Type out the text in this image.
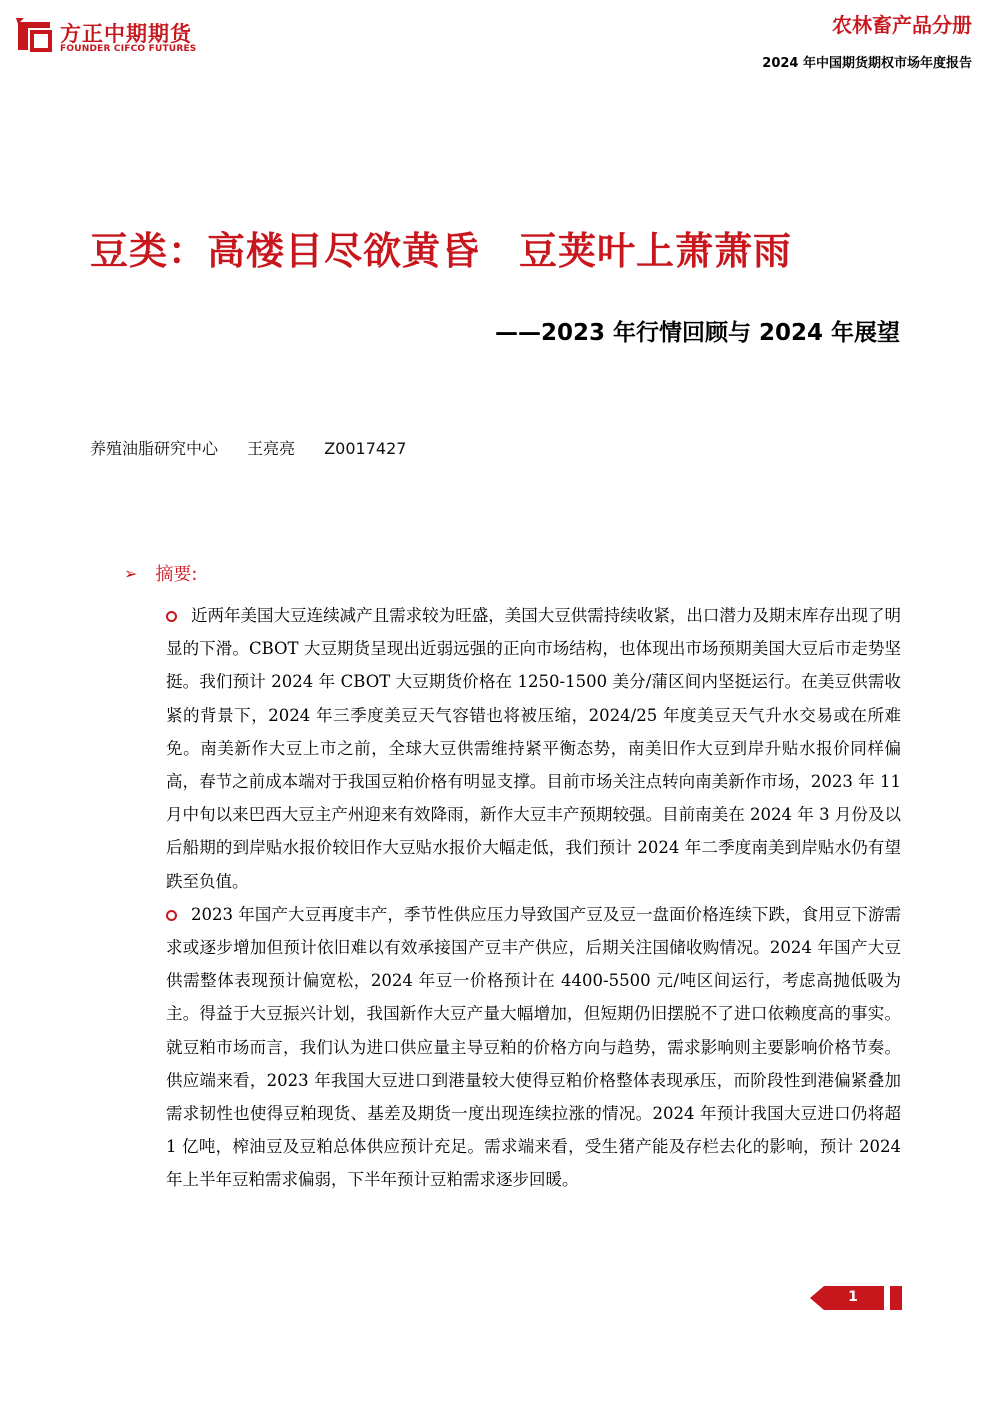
方正中期期货
FOUNDER CIFCO FUTURES
农林畜产品分册
2024 年中国期货期权市场年度报告
豆类：高楼目尽欲黄昏　豆荚叶上萧萧雨
——2023 年行情回顾与 2024 年展望
养殖油脂研究中心 王亮亮 Z0017427
➢ 摘要:

近两年美国大豆连续减产且需求较为旺盛，美国大豆供需持续收紧，出口潜力及期末库存出现了明显的下滑。CBOT 大豆期货呈现出近弱远强的正向市场结构，也体现出市场预期美国大豆后市走势坚挺。我们预计 2024 年 CBOT 大豆期货价格在 1250-1500 美分/蒲区间内坚挺运行。在美豆供需收紧的背景下，2024 年三季度美豆天气容错也将被压缩，2024/25 年度美豆天气升水交易或在所难免。南美新作大豆上市之前，全球大豆供需维持紧平衡态势，南美旧作大豆到岸升贴水报价同样偏高，春节之前成本端对于我国豆粕价格有明显支撑。目前市场关注点转向南美新作市场，2023 年 11 月中旬以来巴西大豆主产州迎来有效降雨，新作大豆丰产预期较强。目前南美在 2024 年 3 月份及以后船期的到岸贴水报价较旧作大豆贴水报价大幅走低，我们预计 2024 年二季度南美到岸贴水仍有望跌至负值。

2023 年国产大豆再度丰产，季节性供应压力导致国产豆及豆一盘面价格连续下跌，食用豆下游需求或逐步增加但预计依旧难以有效承接国产豆丰产供应，后期关注国储收购情况。2024 年国产大豆供需整体表现预计偏宽松，2024 年豆一价格预计在 4400-5500 元/吨区间运行，考虑高抛低吸为主。得益于大豆振兴计划，我国新作大豆产量大幅增加，但短期仍旧摆脱不了进口依赖度高的事实。就豆粕市场而言，我们认为进口供应量主导豆粕的价格方向与趋势，需求影响则主要影响价格节奏。供应端来看，2023 年我国大豆进口到港量较大使得豆粕价格整体表现承压，而阶段性到港偏紧叠加需求韧性也使得豆粕现货、基差及期货一度出现连续拉涨的情况。2024 年预计我国大豆进口仍将超 1 亿吨，榨油豆及豆粕总体供应预计充足。需求端来看，受生猪产能及存栏去化的影响，预计 2024 年上半年豆粕需求偏弱，下半年预计豆粕需求逐步回暖。

1
